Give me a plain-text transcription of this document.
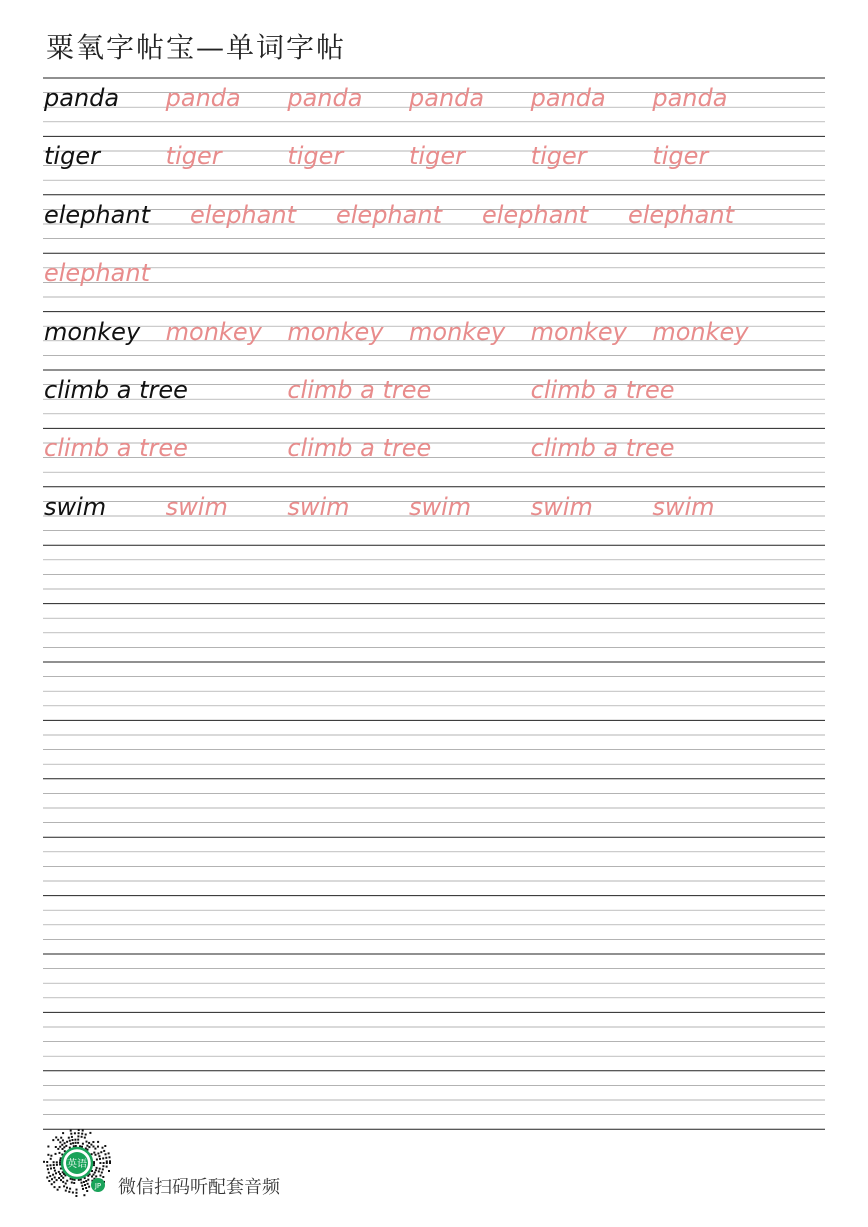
粟氧字帖宝—单词字帖
panda panda panda panda panda panda
tiger	tiger	tiger	tiger	tiger	tiger
elephant elephant elephant elephant elephant
elephant
monkey monkey monkey monkey monkey monkey
climb a tree	climb a tree	climb a tree
climb a tree	climb a tree	climb a tree
swim swim swim swim swim swim
英语
JP 微信扫码听配套音频
